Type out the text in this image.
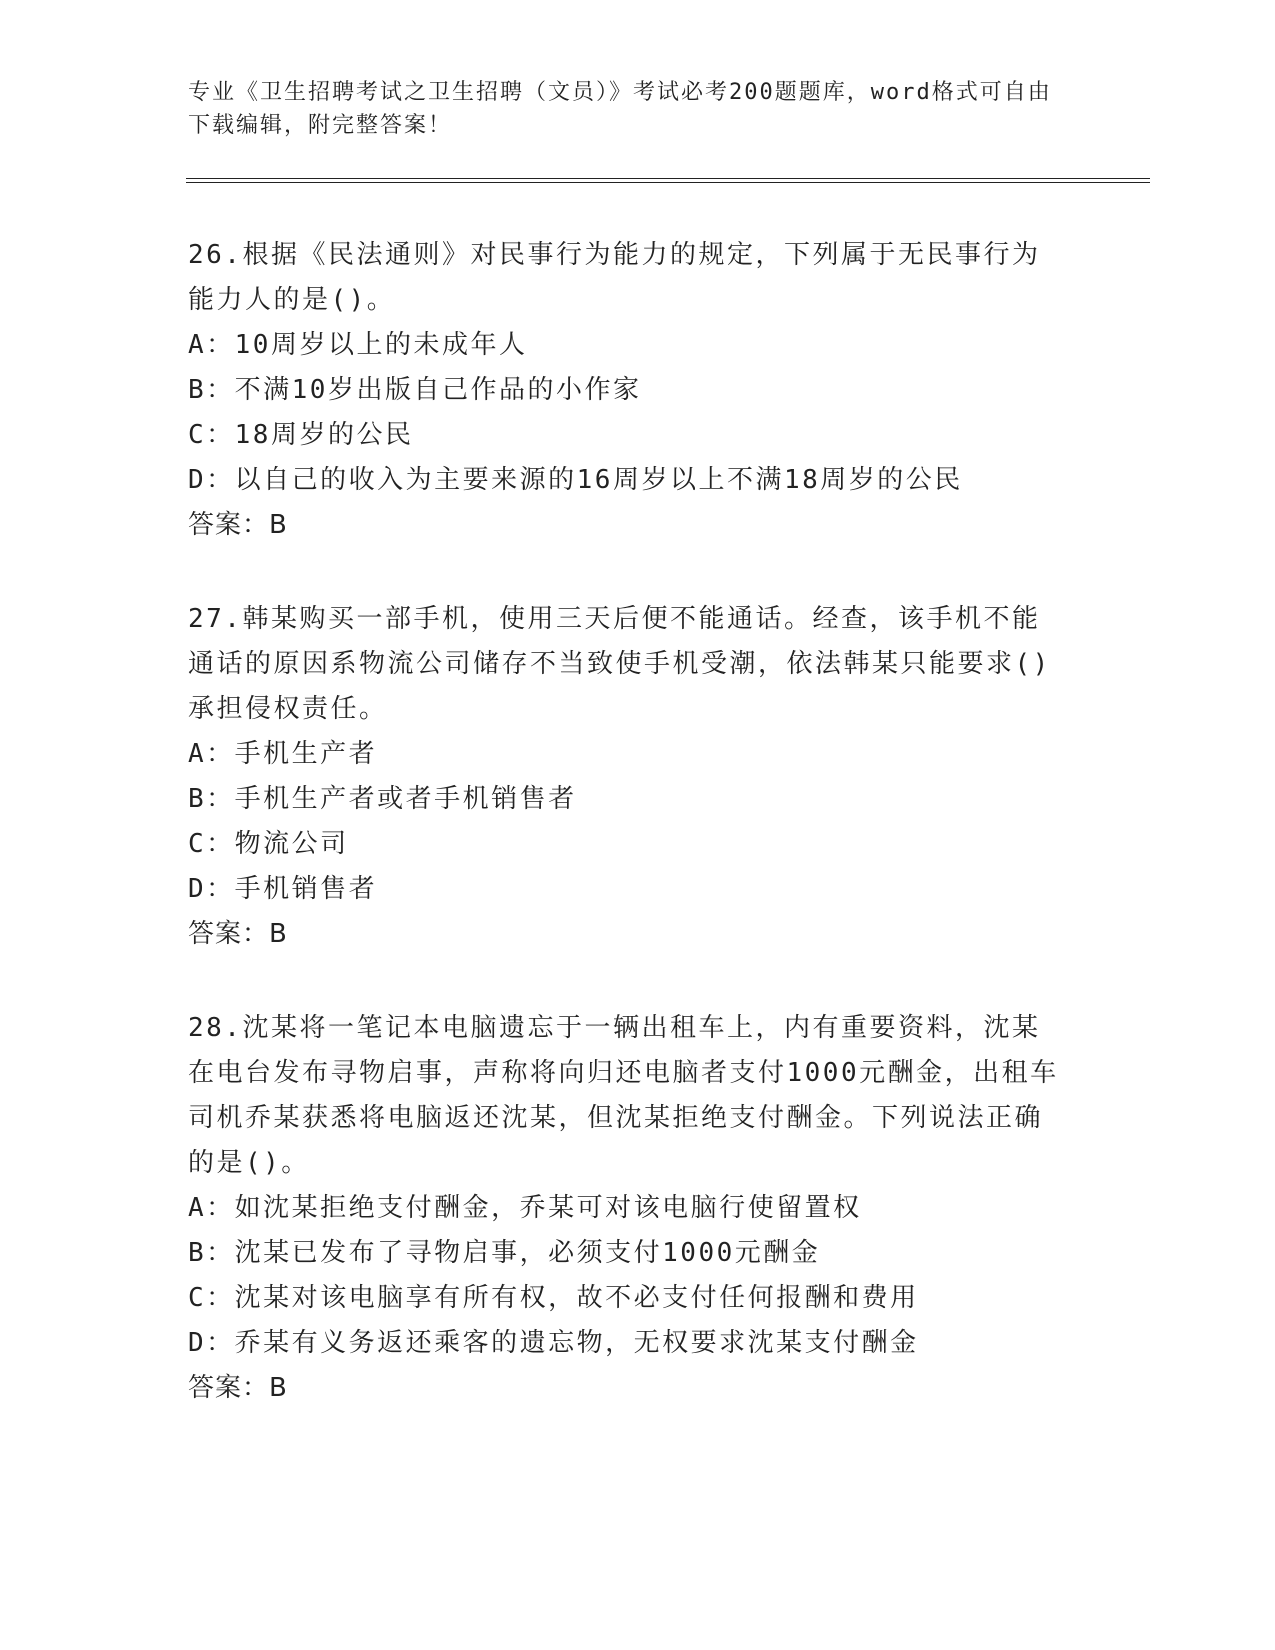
专业《卫生招聘考试之卫生招聘（文员）》考试必考200题题库，word格式可自由下载编辑，附完整答案！

26.根据《民法通则》对民事行为能力的规定，下列属于无民事行为能力人的是()。

A：10周岁以上的未成年人

B：不满10岁出版自己作品的小作家

C：18周岁的公民

D：以自己的收入为主要来源的16周岁以上不满18周岁的公民

答案：B

27.韩某购买一部手机，使用三天后便不能通话。经查，该手机不能通话的原因系物流公司储存不当致使手机受潮，依法韩某只能要求()承担侵权责任。

A：手机生产者

B：手机生产者或者手机销售者

C：物流公司

D：手机销售者

答案：B

28.沈某将一笔记本电脑遗忘于一辆出租车上，内有重要资料，沈某在电台发布寻物启事，声称将向归还电脑者支付1000元酬金，出租车司机乔某获悉将电脑返还沈某，但沈某拒绝支付酬金。下列说法正确的是()。

A：如沈某拒绝支付酬金，乔某可对该电脑行使留置权

B：沈某已发布了寻物启事，必须支付1000元酬金

C：沈某对该电脑享有所有权，故不必支付任何报酬和费用

D：乔某有义务返还乘客的遗忘物，无权要求沈某支付酬金

答案：B
